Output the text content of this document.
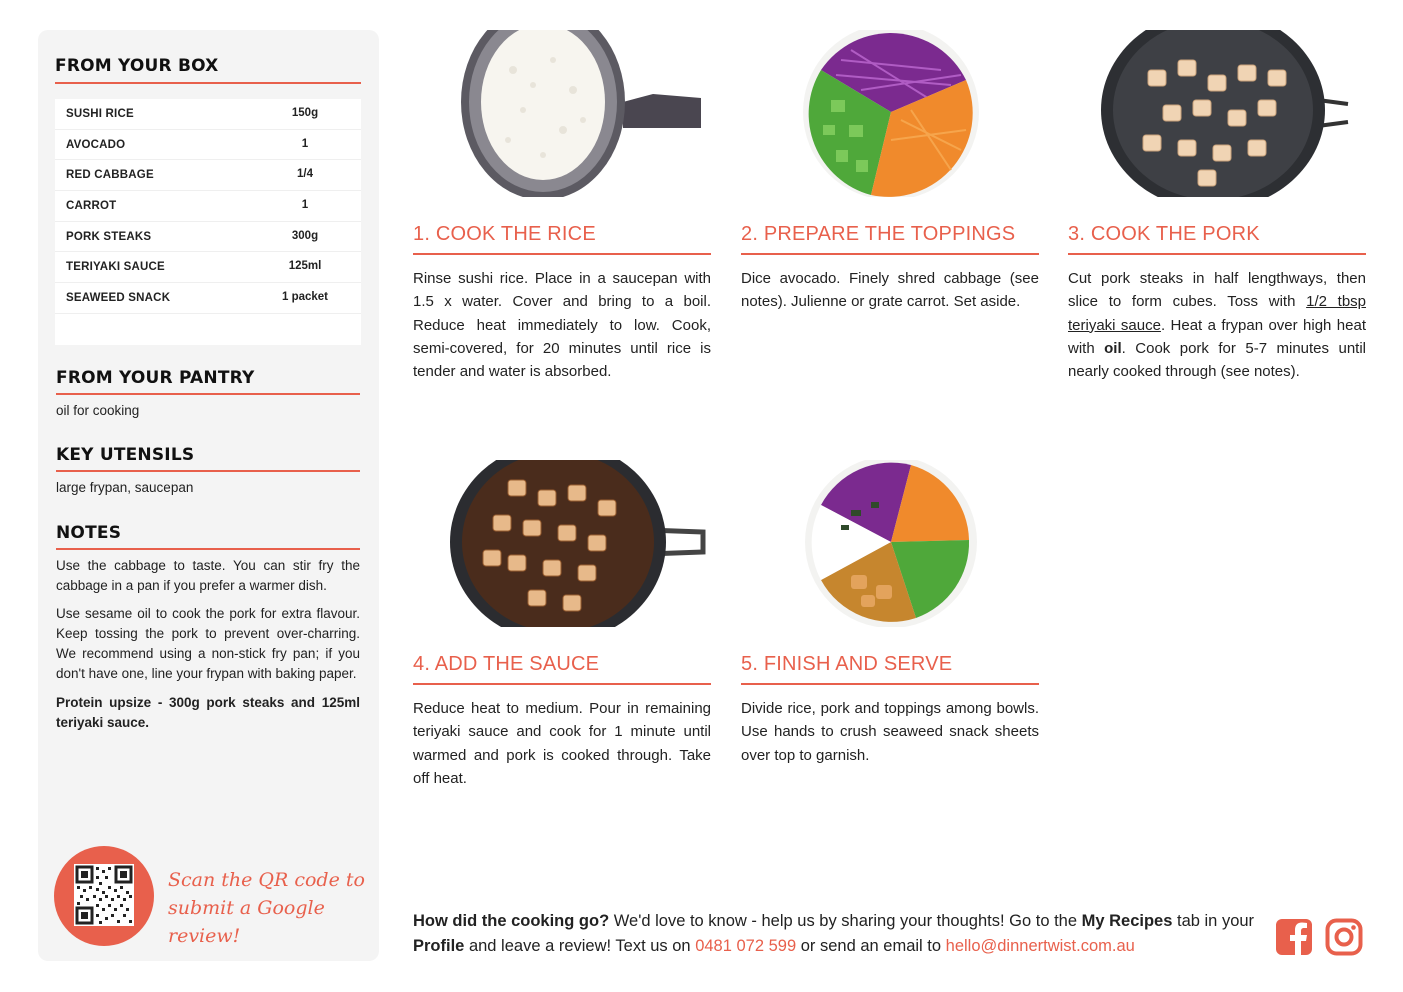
FROM YOUR BOX
SUSHI RICE	150g
AVOCADO	1
RED CABBAGE	1/4
CARROT	1
PORK STEAKS	300g
TERIYAKI SAUCE	125ml
SEAWEED SNACK	1 packet
FROM YOUR PANTRY
oil for cooking
KEY UTENSILS
large frypan, saucepan
NOTES
Use the cabbage to taste. You can stir fry the cabbage in a pan if you prefer a warmer dish.
Use sesame oil to cook the pork for extra flavour. Keep tossing the pork to prevent over-charring. We recommend using a non-stick fry pan; if you don't have one, line your frypan with baking paper.
Protein upsize - 300g pork steaks and 125ml teriyaki sauce.
Scan the QR code to
submit a Google review!
1. COOK THE RICE
Rinse sushi rice. Place in a saucepan with 1.5 x water. Cover and bring to a boil. Reduce heat immediately to low. Cook, semi-covered, for 20 minutes until rice is tender and water is absorbed.
2. PREPARE THE TOPPINGS
Dice avocado. Finely shred cabbage (see notes). Julienne or grate carrot. Set aside.
3. COOK THE PORK
Cut pork steaks in half lengthways, then slice to form cubes. Toss with 1/2 tbsp teriyaki sauce. Heat a frypan over high heat with oil. Cook pork for 5-7 minutes until nearly cooked through (see notes).
4. ADD THE SAUCE
Reduce heat to medium. Pour in remaining teriyaki sauce and cook for 1 minute until warmed and pork is cooked through. Take off heat.
5. FINISH AND SERVE
Divide rice, pork and toppings among bowls. Use hands to crush seaweed snack sheets over top to garnish.
How did the cooking go? We'd love to know - help us by sharing your thoughts! Go to the My Recipes tab in your Profile and leave a review! Text us on 0481 072 599 or send an email to hello@dinnertwist.com.au
